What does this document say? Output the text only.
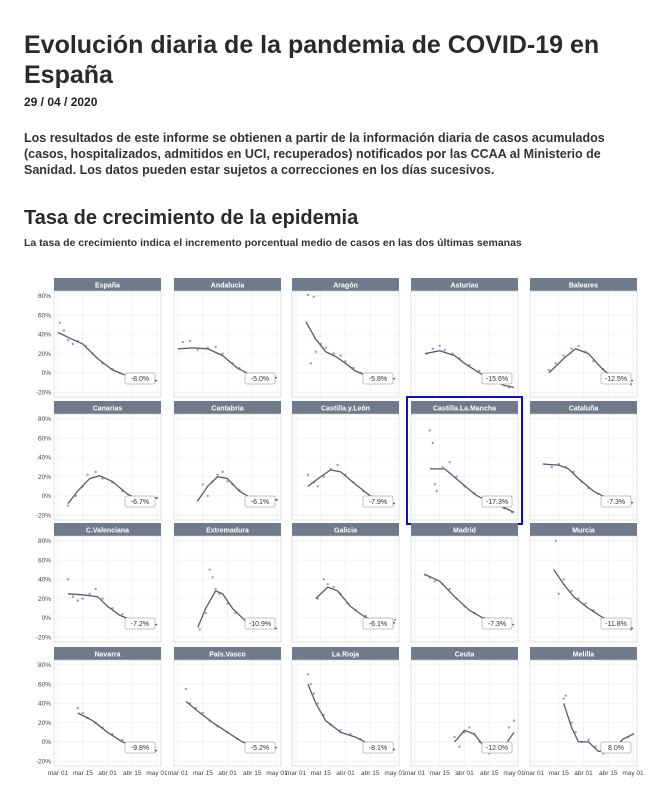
Evolución diaria de la pandemia de COVID-19 en España

29 / 04 / 2020

Los resultados de este informe se obtienen a partir de la información diaria de casos acumulados (casos, hospitalizados, admitidos en UCI, recuperados) notificados por las CCAA al Ministerio de Sanidad. Los datos pueden estar sujetos a correcciones en los días sucesivos.

Tasa de crecimiento de la epidemia

La tasa de crecimiento indica el incremento porcentual medio de casos en las dos últimas semanas

España
80%
60%
40%
20%
0%
-20%
-8.0%
Andalucía
-5.0%
Aragón
-5.8%
Asturias
-15.6%
Baleares
-12.5%
Canarias
80%
60%
40%
20%
0%
-20%
-6.7%
Cantabria
-6.1%
Castilla.y.León
-7.9%
Castilla.La.Mancha
-17.3%
Cataluña
-7.3%
C.Valenciana
80%
60%
40%
20%
0%
-20%
-7.2%
Extremadura
-10.9%
Galicia
-6.1%
Madrid
-7.3%
Murcia
-11.8%
Navarra
80%
60%
40%
20%
0%
-20%
mar 01 mar 15 abr 01 abr 15 may 01
-9.8%
País.Vasco
mar 01 mar 15 abr 01 abr 15 may 01
-5.2%
La.Rioja
mar 01 mar 15 abr 01 abr 15 may 01
-8.1%
Ceuta
mar 01 mar 15 abr 01 abr 15 may 01
-12.0%
Melilla
mar 01 mar 15 abr 01 abr 15 may 01
8.0%
